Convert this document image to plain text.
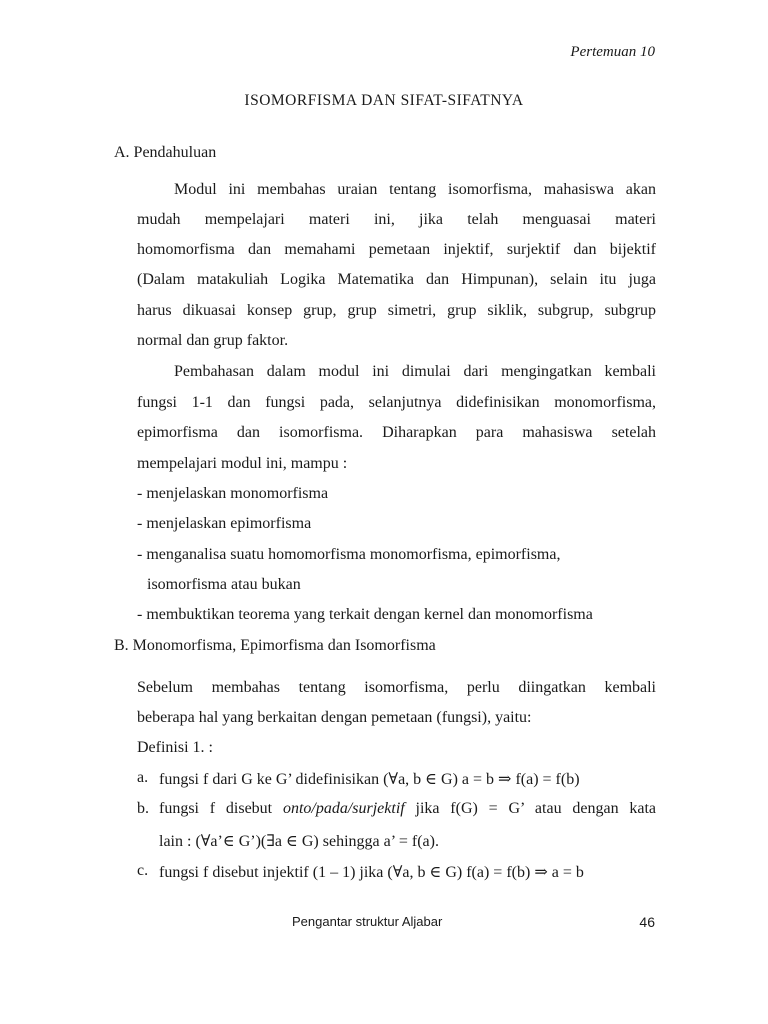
Pertemuan 10
ISOMORFISMA DAN SIFAT-SIFATNYA
A. Pendahuluan
Modul ini membahas uraian tentang isomorfisma, mahasiswa akan
mudah mempelajari materi ini, jika telah menguasai materi
homomorfisma dan memahami pemetaan injektif, surjektif dan bijektif
(Dalam matakuliah Logika Matematika dan Himpunan), selain itu juga
harus dikuasai konsep grup, grup simetri, grup siklik, subgrup, subgrup
normal dan grup faktor.
Pembahasan dalam modul ini dimulai dari mengingatkan kembali
fungsi 1-1 dan fungsi pada, selanjutnya didefinisikan monomorfisma,
epimorfisma dan isomorfisma. Diharapkan para mahasiswa setelah
mempelajari modul ini, mampu :
- menjelaskan monomorfisma
- menjelaskan epimorfisma
- menganalisa suatu homomorfisma monomorfisma, epimorfisma,
isomorfisma atau bukan
- membuktikan teorema yang terkait dengan kernel dan monomorfisma
B. Monomorfisma, Epimorfisma dan Isomorfisma
Sebelum membahas tentang isomorfisma, perlu diingatkan kembali
beberapa hal yang berkaitan dengan pemetaan (fungsi), yaitu:
Definisi 1. :
a. fungsi f dari G ke G’ didefinisikan (∀a, b ∈ G) a = b ⇒ f(a) = f(b)
b. fungsi f disebut onto/pada/surjektif jika f(G) = G’ atau dengan kata
lain : (∀a’∈ G’)(∃a ∈ G) sehingga a’ = f(a).
c. fungsi f disebut injektif (1 – 1) jika (∀a, b ∈ G) f(a) = f(b) ⇒ a = b
Pengantar struktur Aljabar	46
